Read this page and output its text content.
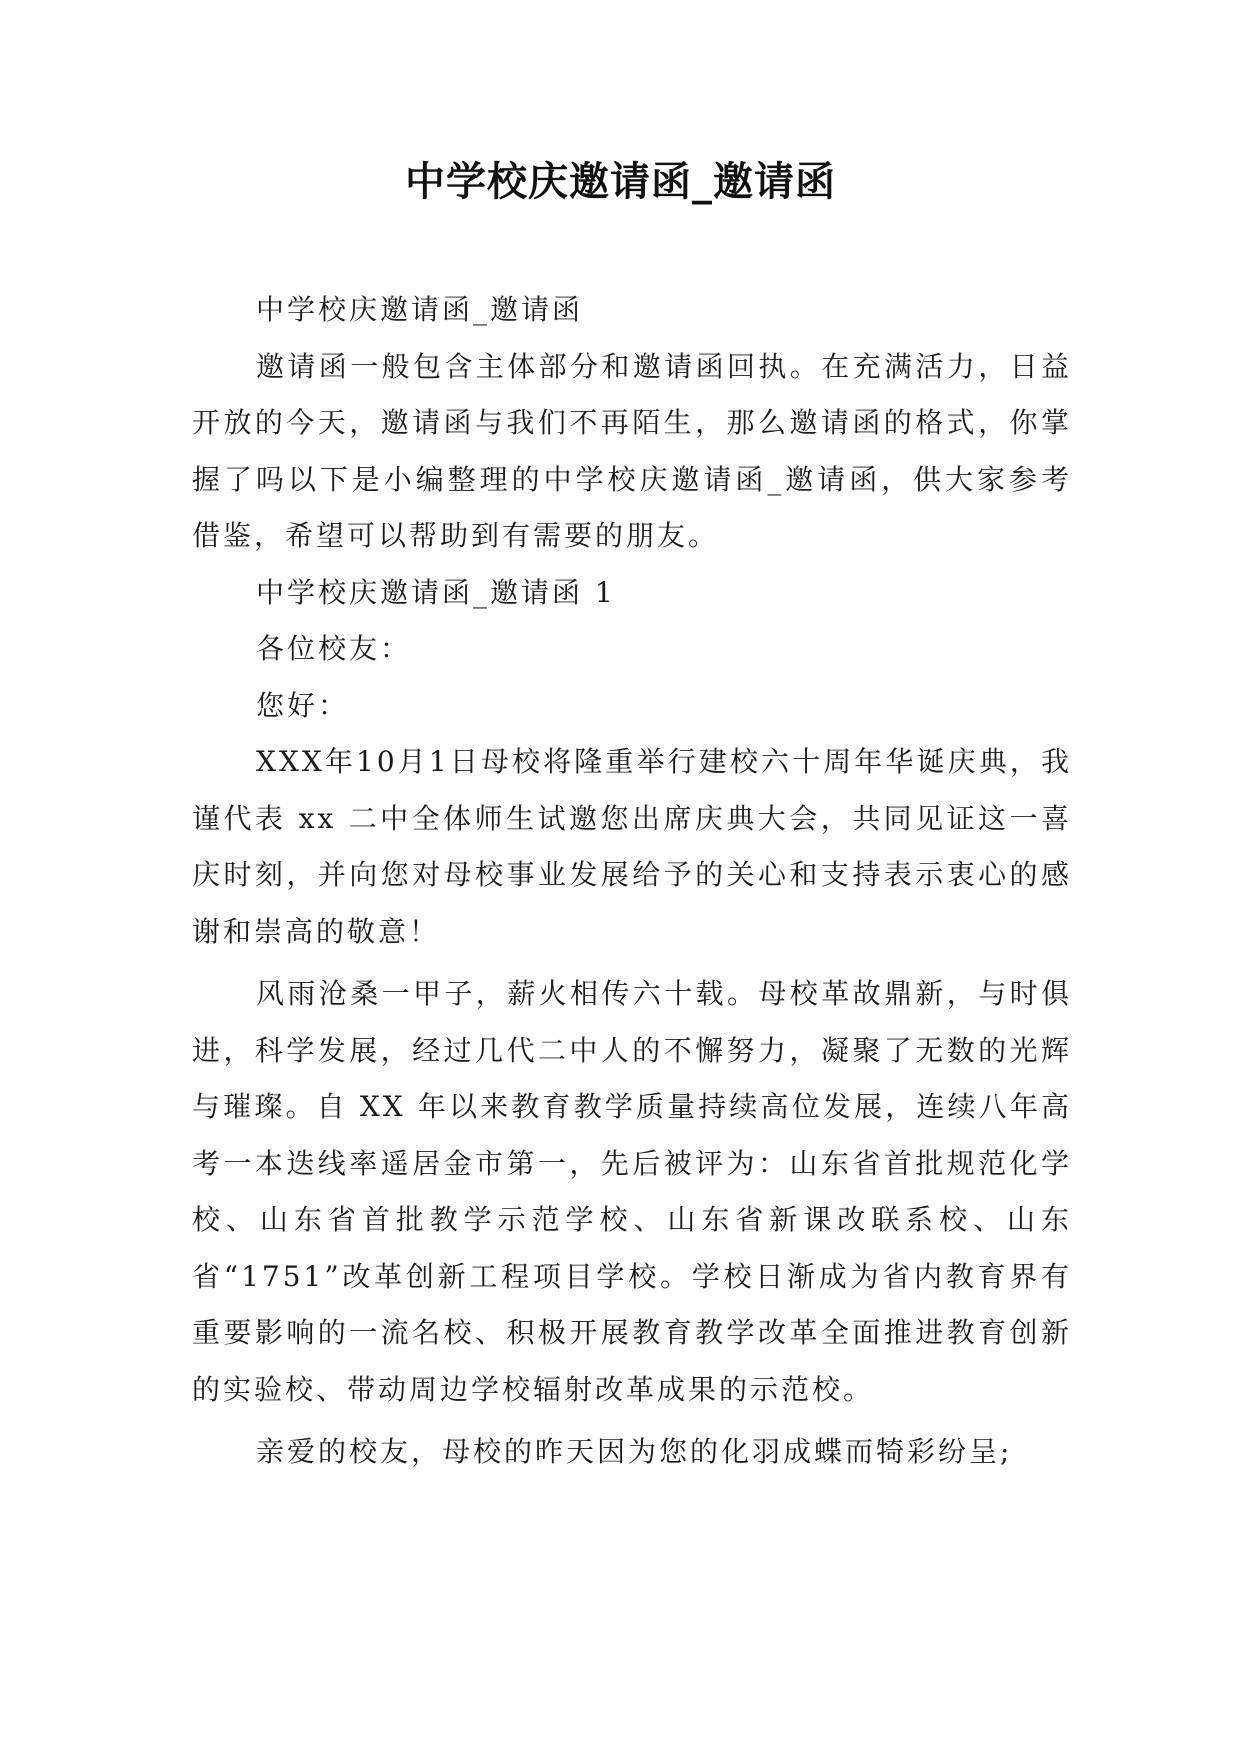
中学校庆邀请函_邀请函

中学校庆邀请函_邀请函

邀请函一般包含主体部分和邀请函回执。在充满活力，日益开放的今天，邀请函与我们不再陌生，那么邀请函的格式，你掌握了吗以下是小编整理的中学校庆邀请函_邀请函，供大家参考借鉴，希望可以帮助到有需要的朋友。

中学校庆邀请函_邀请函 1

各位校友：

您好：

XXX年10月1日母校将隆重举行建校六十周年华诞庆典，我谨代表 xx 二中全体师生试邀您出席庆典大会，共同见证这一喜庆时刻，并向您对母校事业发展给予的关心和支持表示衷心的感谢和崇高的敬意！

风雨沧桑一甲子，薪火相传六十载。母校革故鼎新，与时俱进，科学发展，经过几代二中人的不懈努力，凝聚了无数的光辉与璀璨。自 XX 年以来教育教学质量持续高位发展，连续八年高考一本迭线率遥居金市第一，先后被评为：山东省首批规范化学校、山东省首批教学示范学校、山东省新课改联系校、山东省“1751”改革创新工程项目学校。学校日渐成为省内教育界有重要影响的一流名校、积极开展教育教学改革全面推进教育创新的实验校、带动周边学校辐射改革成果的示范校。

亲爱的校友，母校的昨天因为您的化羽成蝶而犄彩纷呈;
